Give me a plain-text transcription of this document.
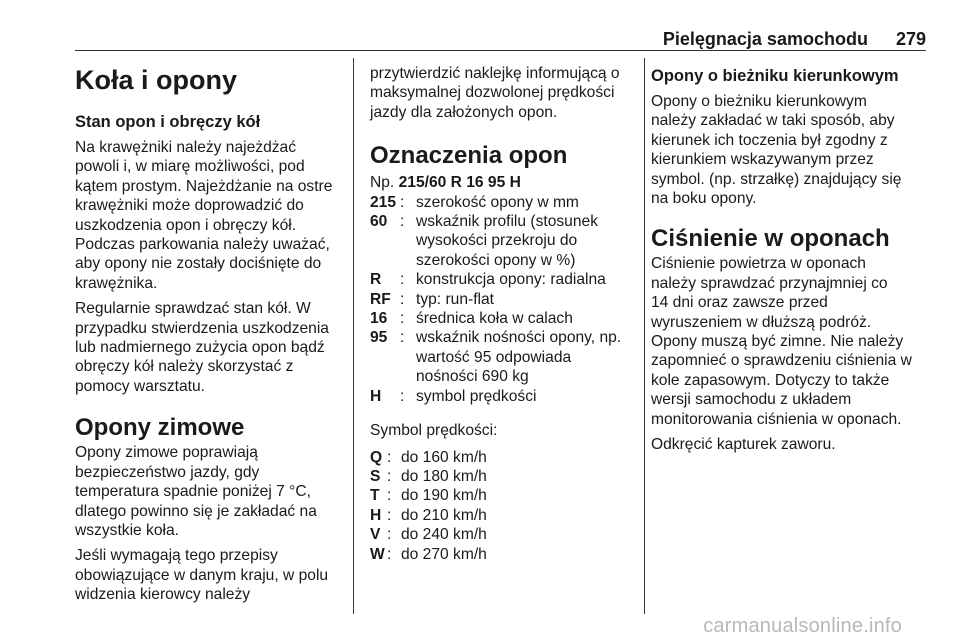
Pielęgnacja samochodu 279
Koła i opony
Stan opon i obręczy kół

Na krawężniki należy najeżdżać
powoli i, w miarę możliwości, pod
kątem prostym. Najeżdżanie na ostre
krawężniki może doprowadzić do
uszkodzenia opon i obręczy kół.
Podczas parkowania należy uważać,
aby opony nie zostały dociśnięte do
krawężnika.

Regularnie sprawdzać stan kół. W
przypadku stwierdzenia uszkodzenia
lub nadmiernego zużycia opon bądź
obręczy kół należy skorzystać z
pomocy warsztatu.

Opony zimowe

Opony zimowe poprawiają
bezpieczeństwo jazdy, gdy
temperatura spadnie poniżej 7 °C,
dlatego powinno się je zakładać na
wszystkie koła.

Jeśli wymagają tego przepisy
obowiązujące w danym kraju, w polu
widzenia kierowcy należy

przytwierdzić naklejkę informującą o
maksymalnej dozwolonej prędkości
jazdy dla założonych opon.

Oznaczenia opon

Np. 215/60 R 16 95 H

215	:	szerokość opony w mm

60	:	wskaźnik profilu (stosunek
wysokości przekroju do
szerokości opony w %)

R	:	konstrukcja opony: radialna

RF	:	typ: run-flat

16	:	średnica koła w calach

95	:	wskaźnik nośności opony, np.
wartość 95 odpowiada
nośności 690 kg

H	:	symbol prędkości

Symbol prędkości:

Q	:	do 160 km/h

S	:	do 180 km/h

T	:	do 190 km/h

H	:	do 210 km/h

V	:	do 240 km/h

W	:	do 270 km/h
Opony o bieżniku kierunkowym

Opony o bieżniku kierunkowym
należy zakładać w taki sposób, aby
kierunek ich toczenia był zgodny z
kierunkiem wskazywanym przez
symbol. (np. strzałkę) znajdujący się
na boku opony.

Ciśnienie w oponach

Ciśnienie powietrza w oponach
należy sprawdzać przynajmniej co
14 dni oraz zawsze przed
wyruszeniem w dłuższą podróż.
Opony muszą być zimne. Nie należy
zapomnieć o sprawdzeniu ciśnienia w
kole zapasowym. Dotyczy to także
wersji samochodu z układem
monitorowania ciśnienia w oponach.

Odkręcić kapturek zaworu.

carmanualsonline.info
